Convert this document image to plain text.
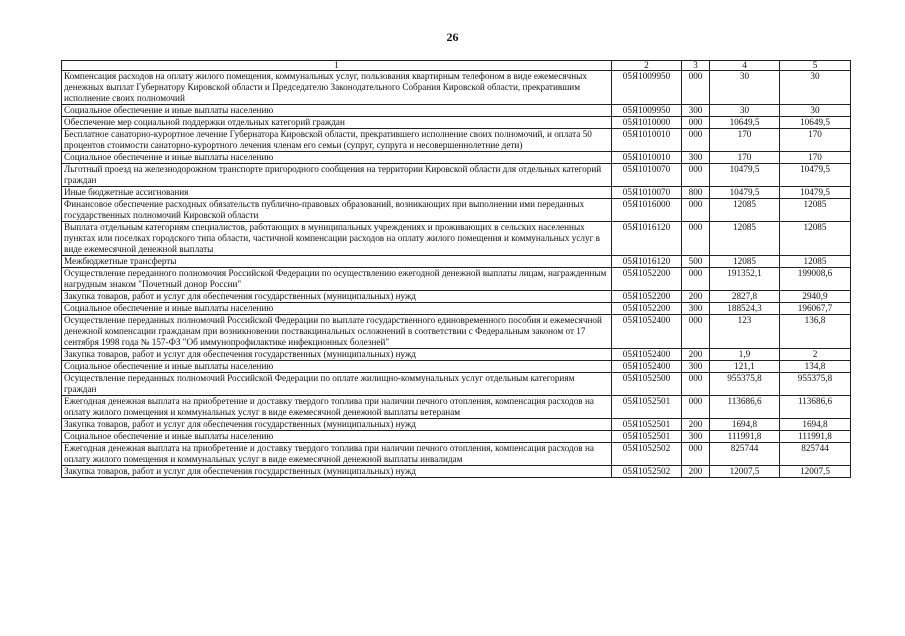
26
1	2	3	4	5
Компенсация расходов на оплату жилого помещения, коммунальных услуг, пользования квартирным телефоном в виде ежемесячных денежных выплат Губернатору Кировской области и Председателю Законодательного Собрания Кировской области, прекратившим исполнение своих полномочий	05Я1009950	000	30	30
Социальное обеспечение и иные выплаты населению	05Я1009950	300	30	30
Обеспечение мер социальной поддержки отдельных категорий граждан	05Я1010000	000	10649,5	10649,5
Бесплатное санаторно-курортное лечение Губернатора Кировской области, прекратившего исполнение своих полномочий, и оплата 50 процентов стоимости санаторно-курортного лечения членам его семьи (супруг, супруга и несовершеннолетние дети)	05Я1010010	000	170	170
Социальное обеспечение и иные выплаты населению	05Я1010010	300	170	170
Льготный проезд на железнодорожном транспорте пригородного сообщения на территории Кировской области для отдельных категорий граждан	05Я1010070	000	10479,5	10479,5
Иные бюджетные ассигнования	05Я1010070	800	10479,5	10479,5
Финансовое обеспечение расходных обязательств публично-правовых образований, возникающих при выполнении ими переданных государственных полномочий Кировской области	05Я1016000	000	12085	12085
Выплата отдельным категориям специалистов, работающих в муниципальных учреждениях и проживающих в сельских населенных пунктах или поселках городского типа области, частичной компенсации расходов на оплату жилого помещения и коммунальных услуг в виде ежемесячной денежной выплаты	05Я1016120	000	12085	12085
Межбюджетные трансферты	05Я1016120	500	12085	12085
Осуществление переданного полномочия Российской Федерации по осуществлению ежегодной денежной выплаты лицам, награжденным нагрудным знаком "Почетный донор России"	05Я1052200	000	191352,1	199008,6
Закупка товаров, работ и услуг для обеспечения государственных (муниципальных) нужд	05Я1052200	200	2827,8	2940,9
Социальное обеспечение и иные выплаты населению	05Я1052200	300	188524,3	196067,7
Осуществление переданных полномочий Российской Федерации по выплате государственного единовременного пособия и ежемесячной денежной компенсации гражданам при возникновении поствакцинальных осложнений в соответствии с Федеральным законом от 17 сентября 1998 года № 157-ФЗ "Об иммунопрофилактике инфекционных болезней"	05Я1052400	000	123	136,8
Закупка товаров, работ и услуг для обеспечения государственных (муниципальных) нужд	05Я1052400	200	1,9	2
Социальное обеспечение и иные выплаты населению	05Я1052400	300	121,1	134,8
Осуществление переданных полномочий Российской Федерации по оплате жилищно-коммунальных услуг отдельным категориям граждан	05Я1052500	000	955375,8	955375,8
Ежегодная денежная выплата на приобретение и доставку твердого топлива при наличии печного отопления, компенсация расходов на оплату жилого помещения и коммунальных услуг в виде ежемесячной денежной выплаты ветеранам	05Я1052501	000	113686,6	113686,6
Закупка товаров, работ и услуг для обеспечения государственных (муниципальных) нужд	05Я1052501	200	1694,8	1694,8
Социальное обеспечение и иные выплаты населению	05Я1052501	300	111991,8	111991,8
Ежегодная денежная выплата на приобретение и доставку твердого топлива при наличии печного отопления, компенсация расходов на оплату жилого помещения и коммунальных услуг в виде ежемесячной денежной выплаты инвалидам	05Я1052502	000	825744	825744
Закупка товаров, работ и услуг для обеспечения государственных (муниципальных) нужд	05Я1052502	200	12007,5	12007,5
